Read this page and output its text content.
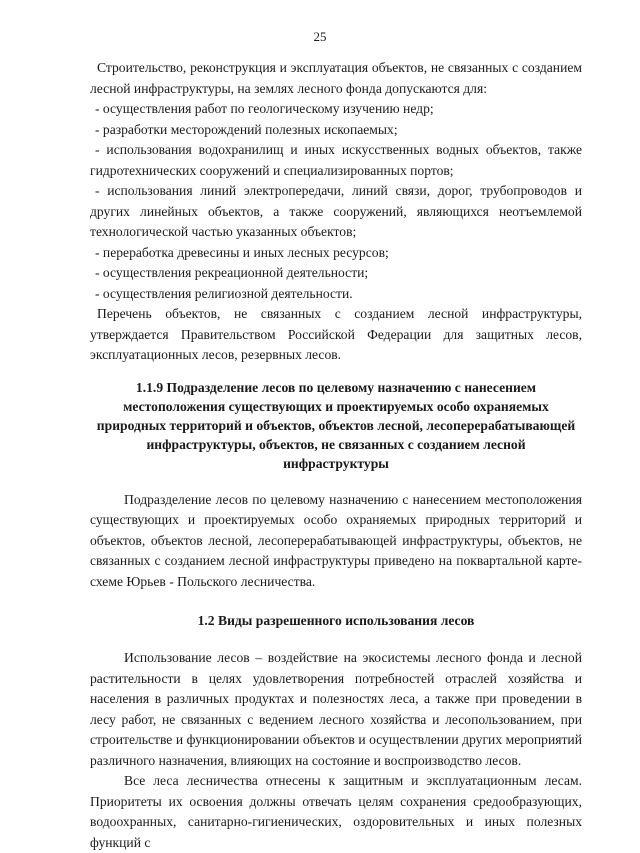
25

Строительство, реконструкция и эксплуатация объектов, не связанных с созданием лесной инфраструктуры, на землях лесного фонда допускаются для:

- осуществления работ по геологическому изучению недр;

- разработки месторождений полезных ископаемых;

- использования водохранилищ и иных искусственных водных объектов, также гидротехнических сооружений и специализированных портов;

- использования линий электропередачи, линий связи, дорог, трубопроводов и других линейных объектов, а также сооружений, являющихся неотъемлемой технологической частью указанных объектов;

- переработка древесины и иных лесных ресурсов;

- осуществления рекреационной деятельности;

- осуществления религиозной деятельности.

Перечень объектов, не связанных с созданием лесной инфраструктуры, утверждается Правительством Российской Федерации для защитных лесов, эксплуатационных лесов, резервных лесов.

1.1.9 Подразделение лесов по целевому назначению с нанесением
местоположения существующих и проектируемых особо охраняемых
природных территорий и объектов, объектов лесной, лесоперерабатывающей
инфраструктуры, объектов, не связанных с созданием лесной
инфраструктуры

Подразделение лесов по целевому назначению с нанесением местоположения существующих и проектируемых особо охраняемых природных территорий и объектов, объектов лесной, лесоперерабатывающей инфраструктуры, объектов, не связанных с созданием лесной инфраструктуры приведено на поквартальной карте-схеме Юрьев - Польского лесничества.

1.2 Виды разрешенного использования лесов

Использование лесов – воздействие на экосистемы лесного фонда и лесной растительности в целях удовлетворения потребностей отраслей хозяйства и населения в различных продуктах и полезностях леса, а также при проведении в лесу работ, не связанных с ведением лесного хозяйства и лесопользованием, при строительстве и функционировании объектов и осуществлении других мероприятий различного назначения, влияющих на состояние и воспроизводство лесов.

Все леса лесничества отнесены к защитным и эксплуатационным лесам. Приоритеты их освоения должны отвечать целям сохранения средообразующих, водоохранных, санитарно-гигиенических, оздоровительных и иных полезных функций с
